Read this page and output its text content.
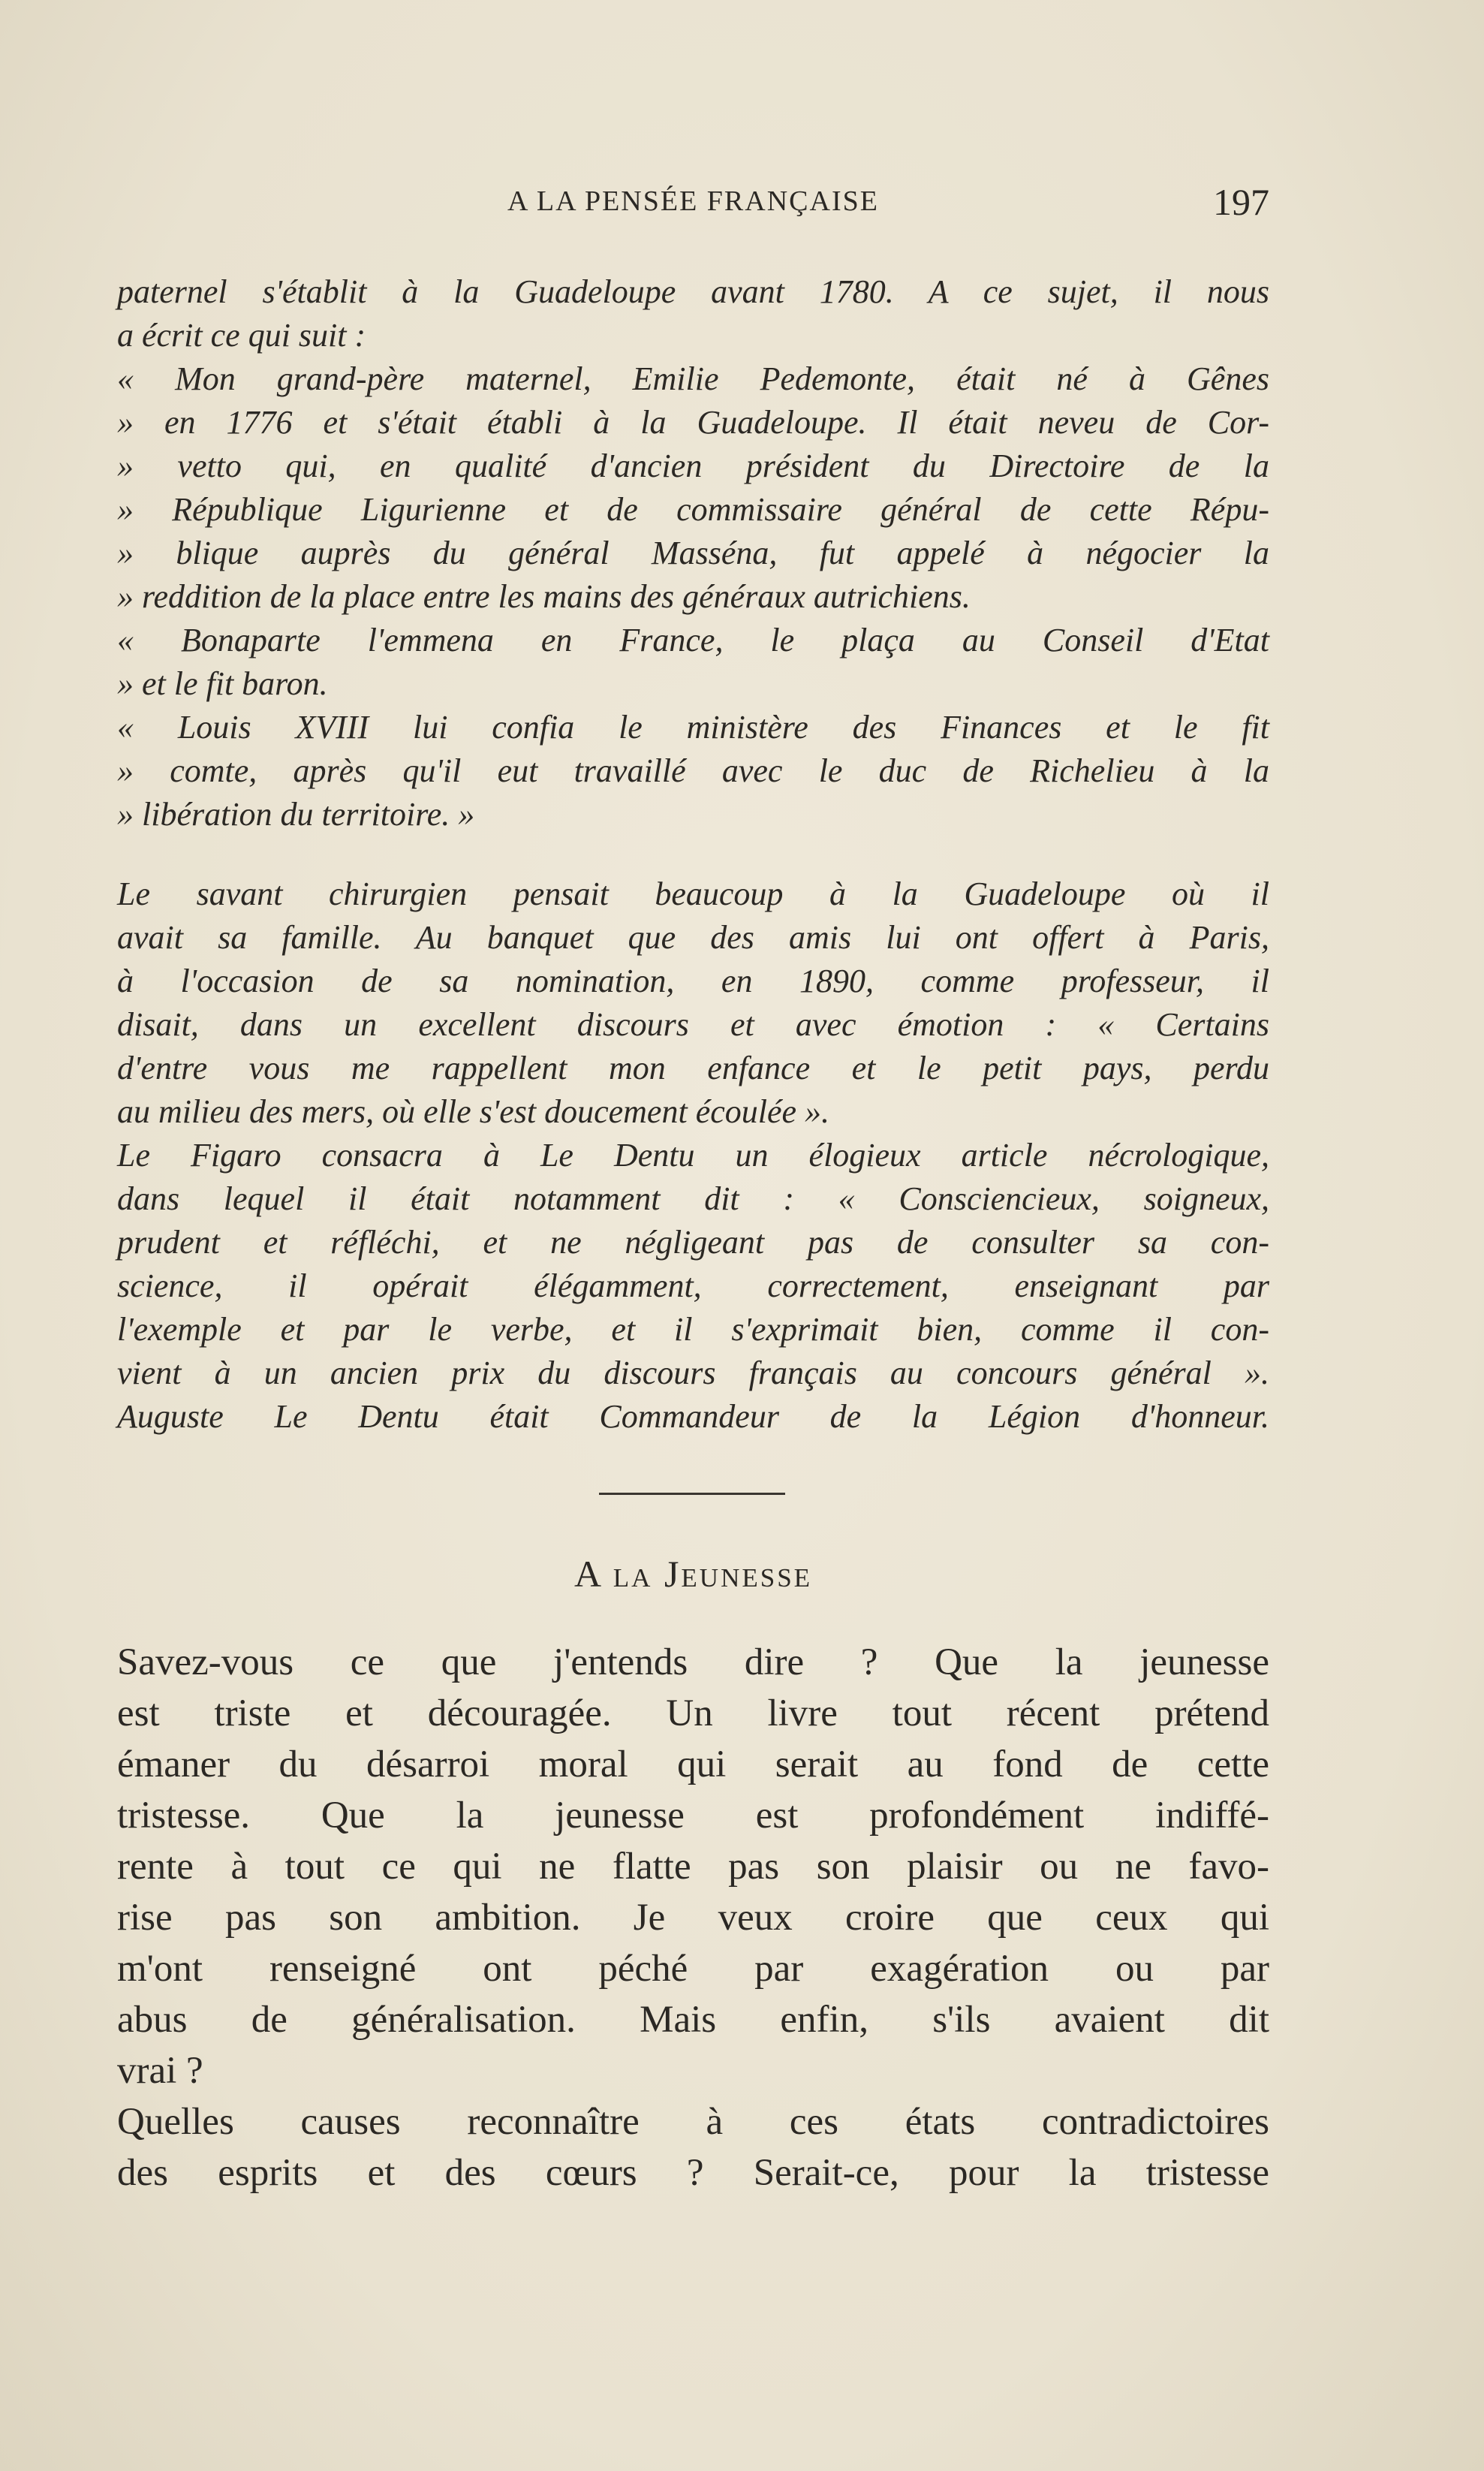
A LA PENSÉE FRANÇAISE	197
paternel s'établit à la Guadeloupe avant 1780. A ce sujet, il nous
a écrit ce qui suit :
« Mon grand-père maternel, Emilie Pedemonte, était né à Gênes
» en 1776 et s'était établi à la Guadeloupe. Il était neveu de Cor-
» vetto qui, en qualité d'ancien président du Directoire de la
» République Ligurienne et de commissaire général de cette Répu-
» blique auprès du général Masséna, fut appelé à négocier la
» reddition de la place entre les mains des généraux autrichiens.
« Bonaparte l'emmena en France, le plaça au Conseil d'Etat
» et le fit baron.
« Louis XVIII lui confia le ministère des Finances et le fit
» comte, après qu'il eut travaillé avec le duc de Richelieu à la
» libération du territoire. »
Le savant chirurgien pensait beaucoup à la Guadeloupe où il
avait sa famille. Au banquet que des amis lui ont offert à Paris,
à l'occasion de sa nomination, en 1890, comme professeur, il
disait, dans un excellent discours et avec émotion : « Certains
d'entre vous me rappellent mon enfance et le petit pays, perdu
au milieu des mers, où elle s'est doucement écoulée ».
Le Figaro consacra à Le Dentu un élogieux article nécrologique,
dans lequel il était notamment dit : « Consciencieux, soigneux,
prudent et réfléchi, et ne négligeant pas de consulter sa con-
science, il opérait élégamment, correctement, enseignant par
l'exemple et par le verbe, et il s'exprimait bien, comme il con-
vient à un ancien prix du discours français au concours général ».
Auguste Le Dentu était Commandeur de la Légion d'honneur.
A la Jeunesse
Savez-vous ce que j'entends dire ? Que la jeunesse
est triste et découragée. Un livre tout récent prétend
émaner du désarroi moral qui serait au fond de cette
tristesse. Que la jeunesse est profondément indiffé-
rente à tout ce qui ne flatte pas son plaisir ou ne favo-
rise pas son ambition. Je veux croire que ceux qui
m'ont renseigné ont péché par exagération ou par
abus de généralisation. Mais enfin, s'ils avaient dit
vrai ?
Quelles causes reconnaître à ces états contradictoires
des esprits et des cœurs ? Serait-ce, pour la tristesse
